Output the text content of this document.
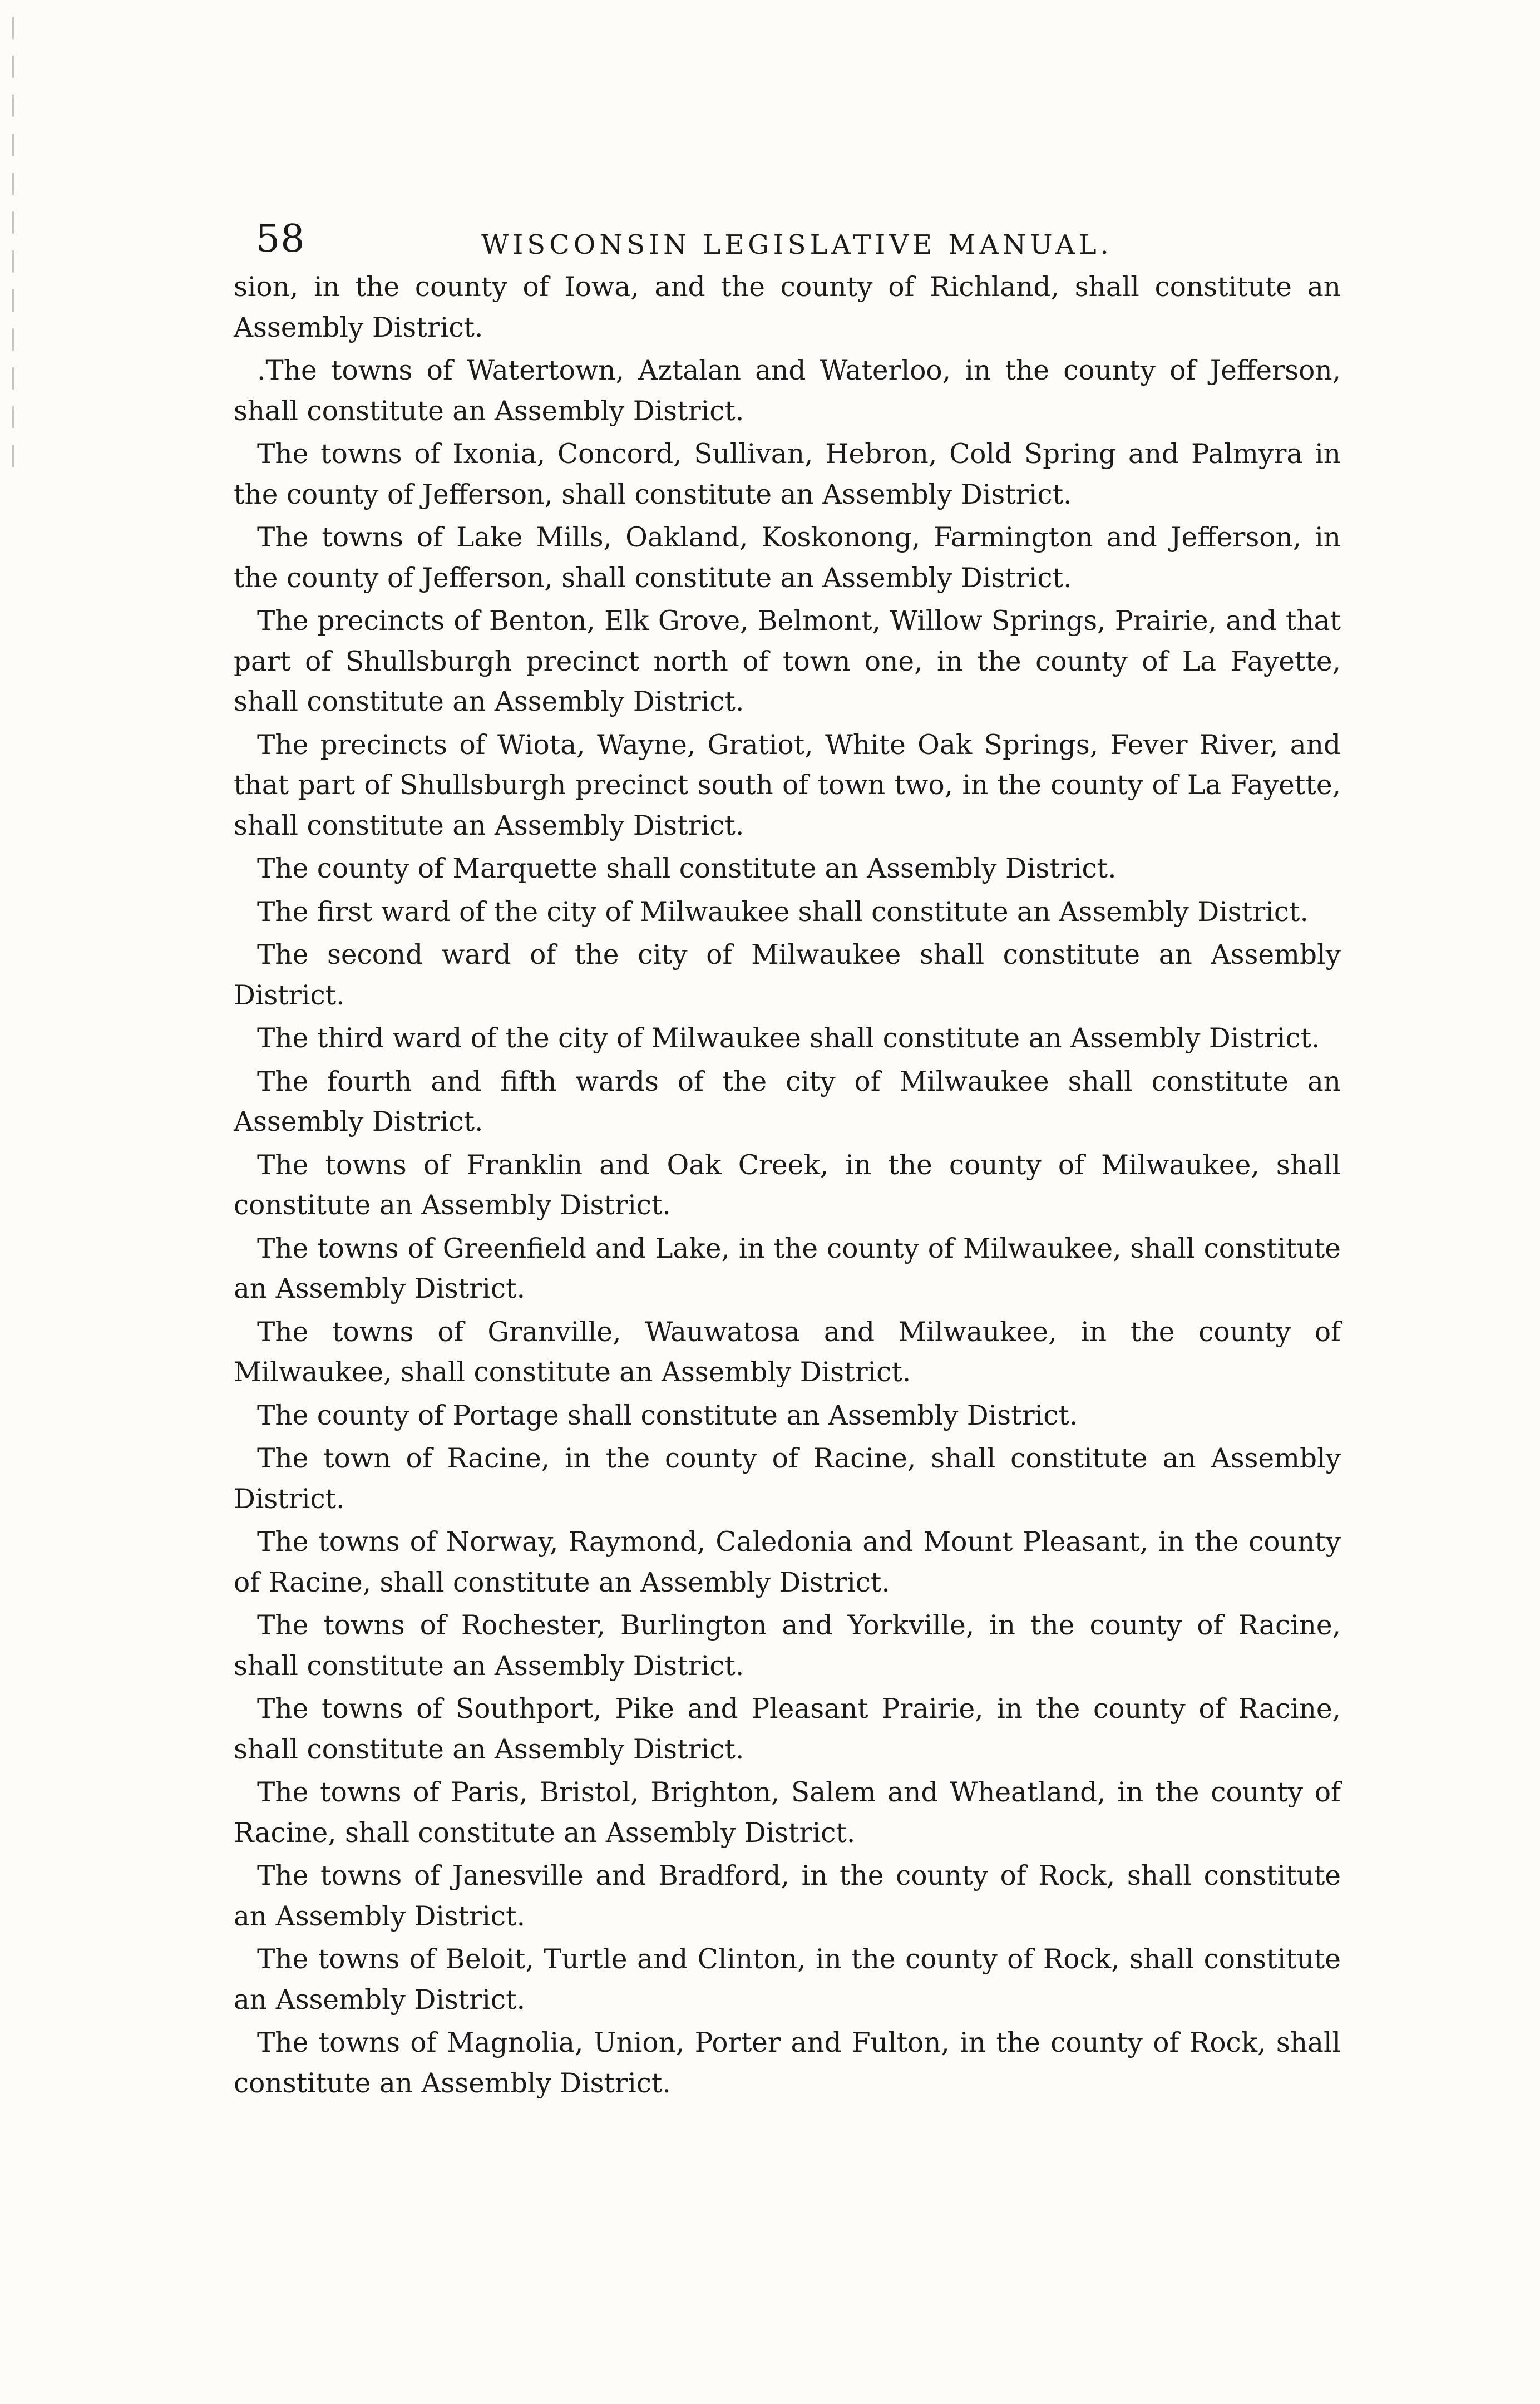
58	WISCONSIN LEGISLATIVE MANUAL.

sion, in the county of Iowa, and the county of Richland, shall constitute an Assembly District.

.The towns of Watertown, Aztalan and Waterloo, in the county of Jefferson, shall constitute an Assembly District.

The towns of Ixonia, Concord, Sullivan, Hebron, Cold Spring and Palmyra in the county of Jefferson, shall constitute an Assembly District.

The towns of Lake Mills, Oakland, Koskonong, Farmington and Jefferson, in the county of Jefferson, shall constitute an Assembly District.

The precincts of Benton, Elk Grove, Belmont, Willow Springs, Prairie, and that part of Shullsburgh precinct north of town one, in the county of La Fayette, shall constitute an Assembly District.

The precincts of Wiota, Wayne, Gratiot, White Oak Springs, Fever River, and that part of Shullsburgh precinct south of town two, in the county of La Fayette, shall constitute an Assembly District.

The county of Marquette shall constitute an Assembly District.

The first ward of the city of Milwaukee shall constitute an Assembly District.

The second ward of the city of Milwaukee shall constitute an Assembly District.

The third ward of the city of Milwaukee shall constitute an Assembly District.

The fourth and fifth wards of the city of Milwaukee shall constitute an Assembly District.

The towns of Franklin and Oak Creek, in the county of Milwaukee, shall constitute an Assembly District.

The towns of Greenfield and Lake, in the county of Milwaukee, shall constitute an Assembly District.

The towns of Granville, Wauwatosa and Milwaukee, in the county of Milwaukee, shall constitute an Assembly District.

The county of Portage shall constitute an Assembly District.

The town of Racine, in the county of Racine, shall constitute an Assembly District.

The towns of Norway, Raymond, Caledonia and Mount Pleasant, in the county of Racine, shall constitute an Assembly District.

The towns of Rochester, Burlington and Yorkville, in the county of Racine, shall constitute an Assembly District.

The towns of Southport, Pike and Pleasant Prairie, in the county of Racine, shall constitute an Assembly District.

The towns of Paris, Bristol, Brighton, Salem and Wheatland, in the county of Racine, shall constitute an Assembly District.

The towns of Janesville and Bradford, in the county of Rock, shall constitute an Assembly District.

The towns of Beloit, Turtle and Clinton, in the county of Rock, shall constitute an Assembly District.

The towns of Magnolia, Union, Porter and Fulton, in the county of Rock, shall constitute an Assembly District.
